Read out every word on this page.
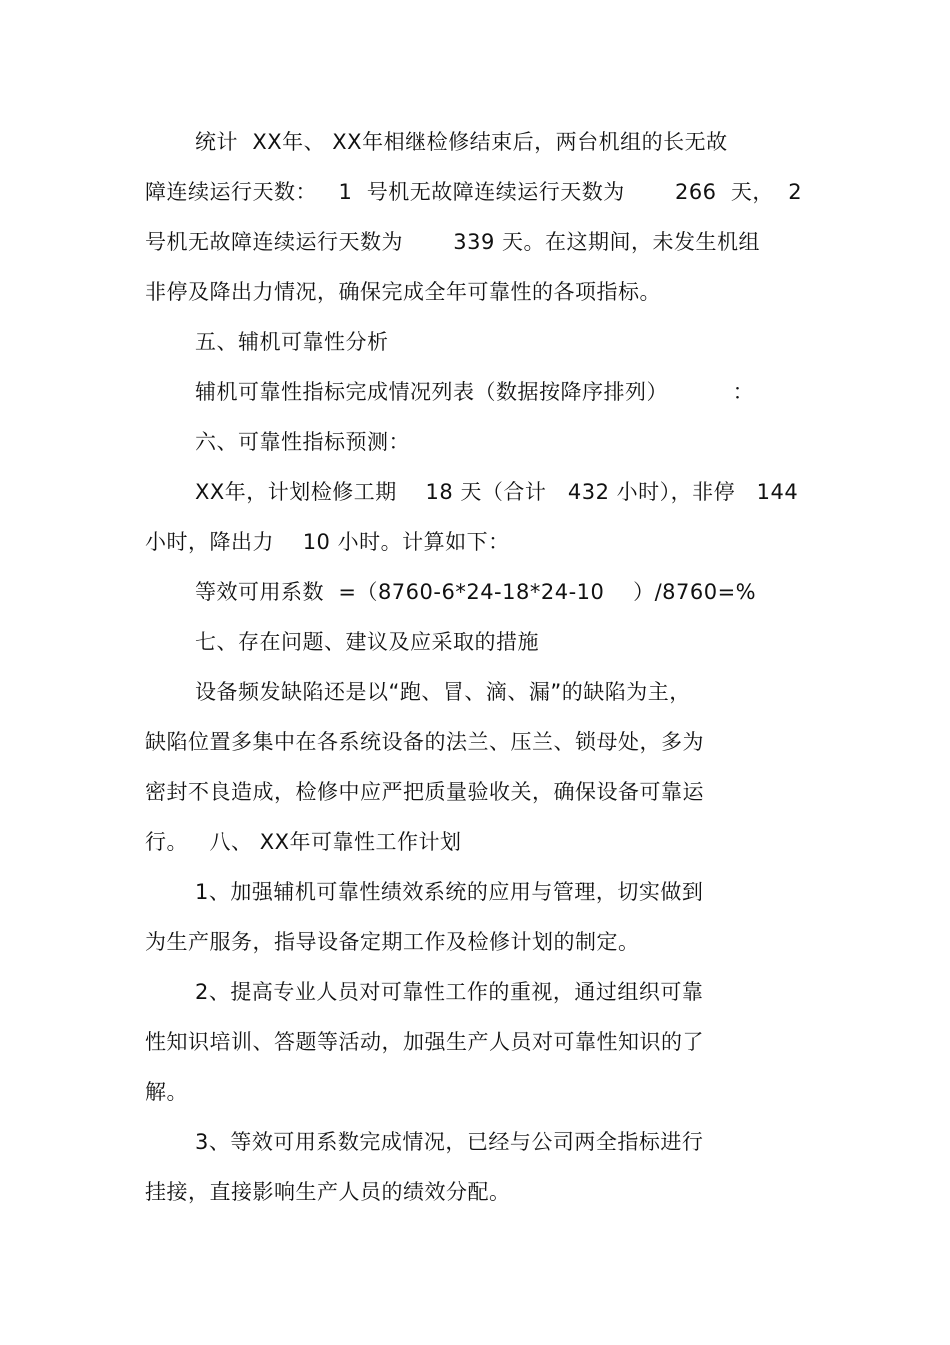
统计  XX年、 XX年相继检修结束后，两台机组的长无故
障连续运行天数：   1  号机无故障连续运行天数为       266  天，  2
号机无故障连续运行天数为       339 天。在这期间，未发生机组
非停及降出力情况，确保完成全年可靠性的各项指标。
五、辅机可靠性分析
辅机可靠性指标完成情况列表（数据按降序排列）         ：
六、可靠性指标预测：
XX年，计划检修工期    18 天（合计   432 小时），非停   144
小时，降出力    10 小时。计算如下：
等效可用系数  =（8760-6*24-18*24-10    ）/8760=%
七、存在问题、建议及应采取的措施
设备频发缺陷还是以“跑、冒、滴、漏”的缺陷为主，
缺陷位置多集中在各系统设备的法兰、压兰、锁母处，多为
密封不良造成，检修中应严把质量验收关，确保设备可靠运
行。   八、 XX年可靠性工作计划
1、加强辅机可靠性绩效系统的应用与管理，切实做到
为生产服务，指导设备定期工作及检修计划的制定。
2、提高专业人员对可靠性工作的重视，通过组织可靠
性知识培训、答题等活动，加强生产人员对可靠性知识的了
解。
3、等效可用系数完成情况，已经与公司两全指标进行
挂接，直接影响生产人员的绩效分配。
